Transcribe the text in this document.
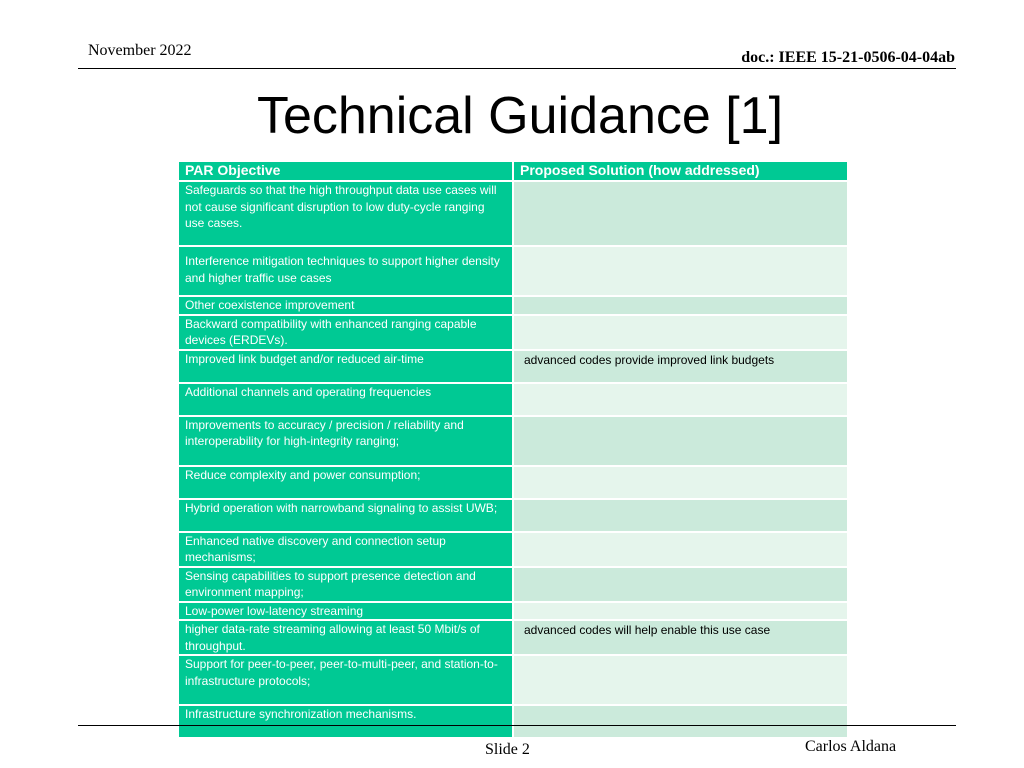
November 2022	doc.: IEEE 15-21-0506-04-04ab
Technical Guidance [1]
PAR Objective	Proposed Solution (how addressed)
Safeguards so that the high throughput data use cases will not cause significant disruption to low duty-cycle ranging use cases.	
Interference mitigation techniques to support higher density and higher traffic use cases	
Other coexistence improvement	
Backward compatibility with enhanced ranging capable devices (ERDEVs).	
Improved link budget and/or reduced air-time	advanced codes provide improved link budgets
Additional channels and operating frequencies	
Improvements to accuracy / precision / reliability and interoperability for high-integrity ranging;	
Reduce complexity and power consumption;	
Hybrid operation with narrowband signaling to assist UWB;	
Enhanced native discovery and connection setup mechanisms;	
Sensing capabilities to support presence detection and environment mapping;	
Low-power low-latency streaming	
higher data-rate streaming allowing at least 50 Mbit/s of throughput.	advanced codes will help enable this use case
Support for peer-to-peer, peer-to-multi-peer, and station-to-infrastructure protocols;	
Infrastructure synchronization mechanisms.	
Slide 2	Carlos Aldana
